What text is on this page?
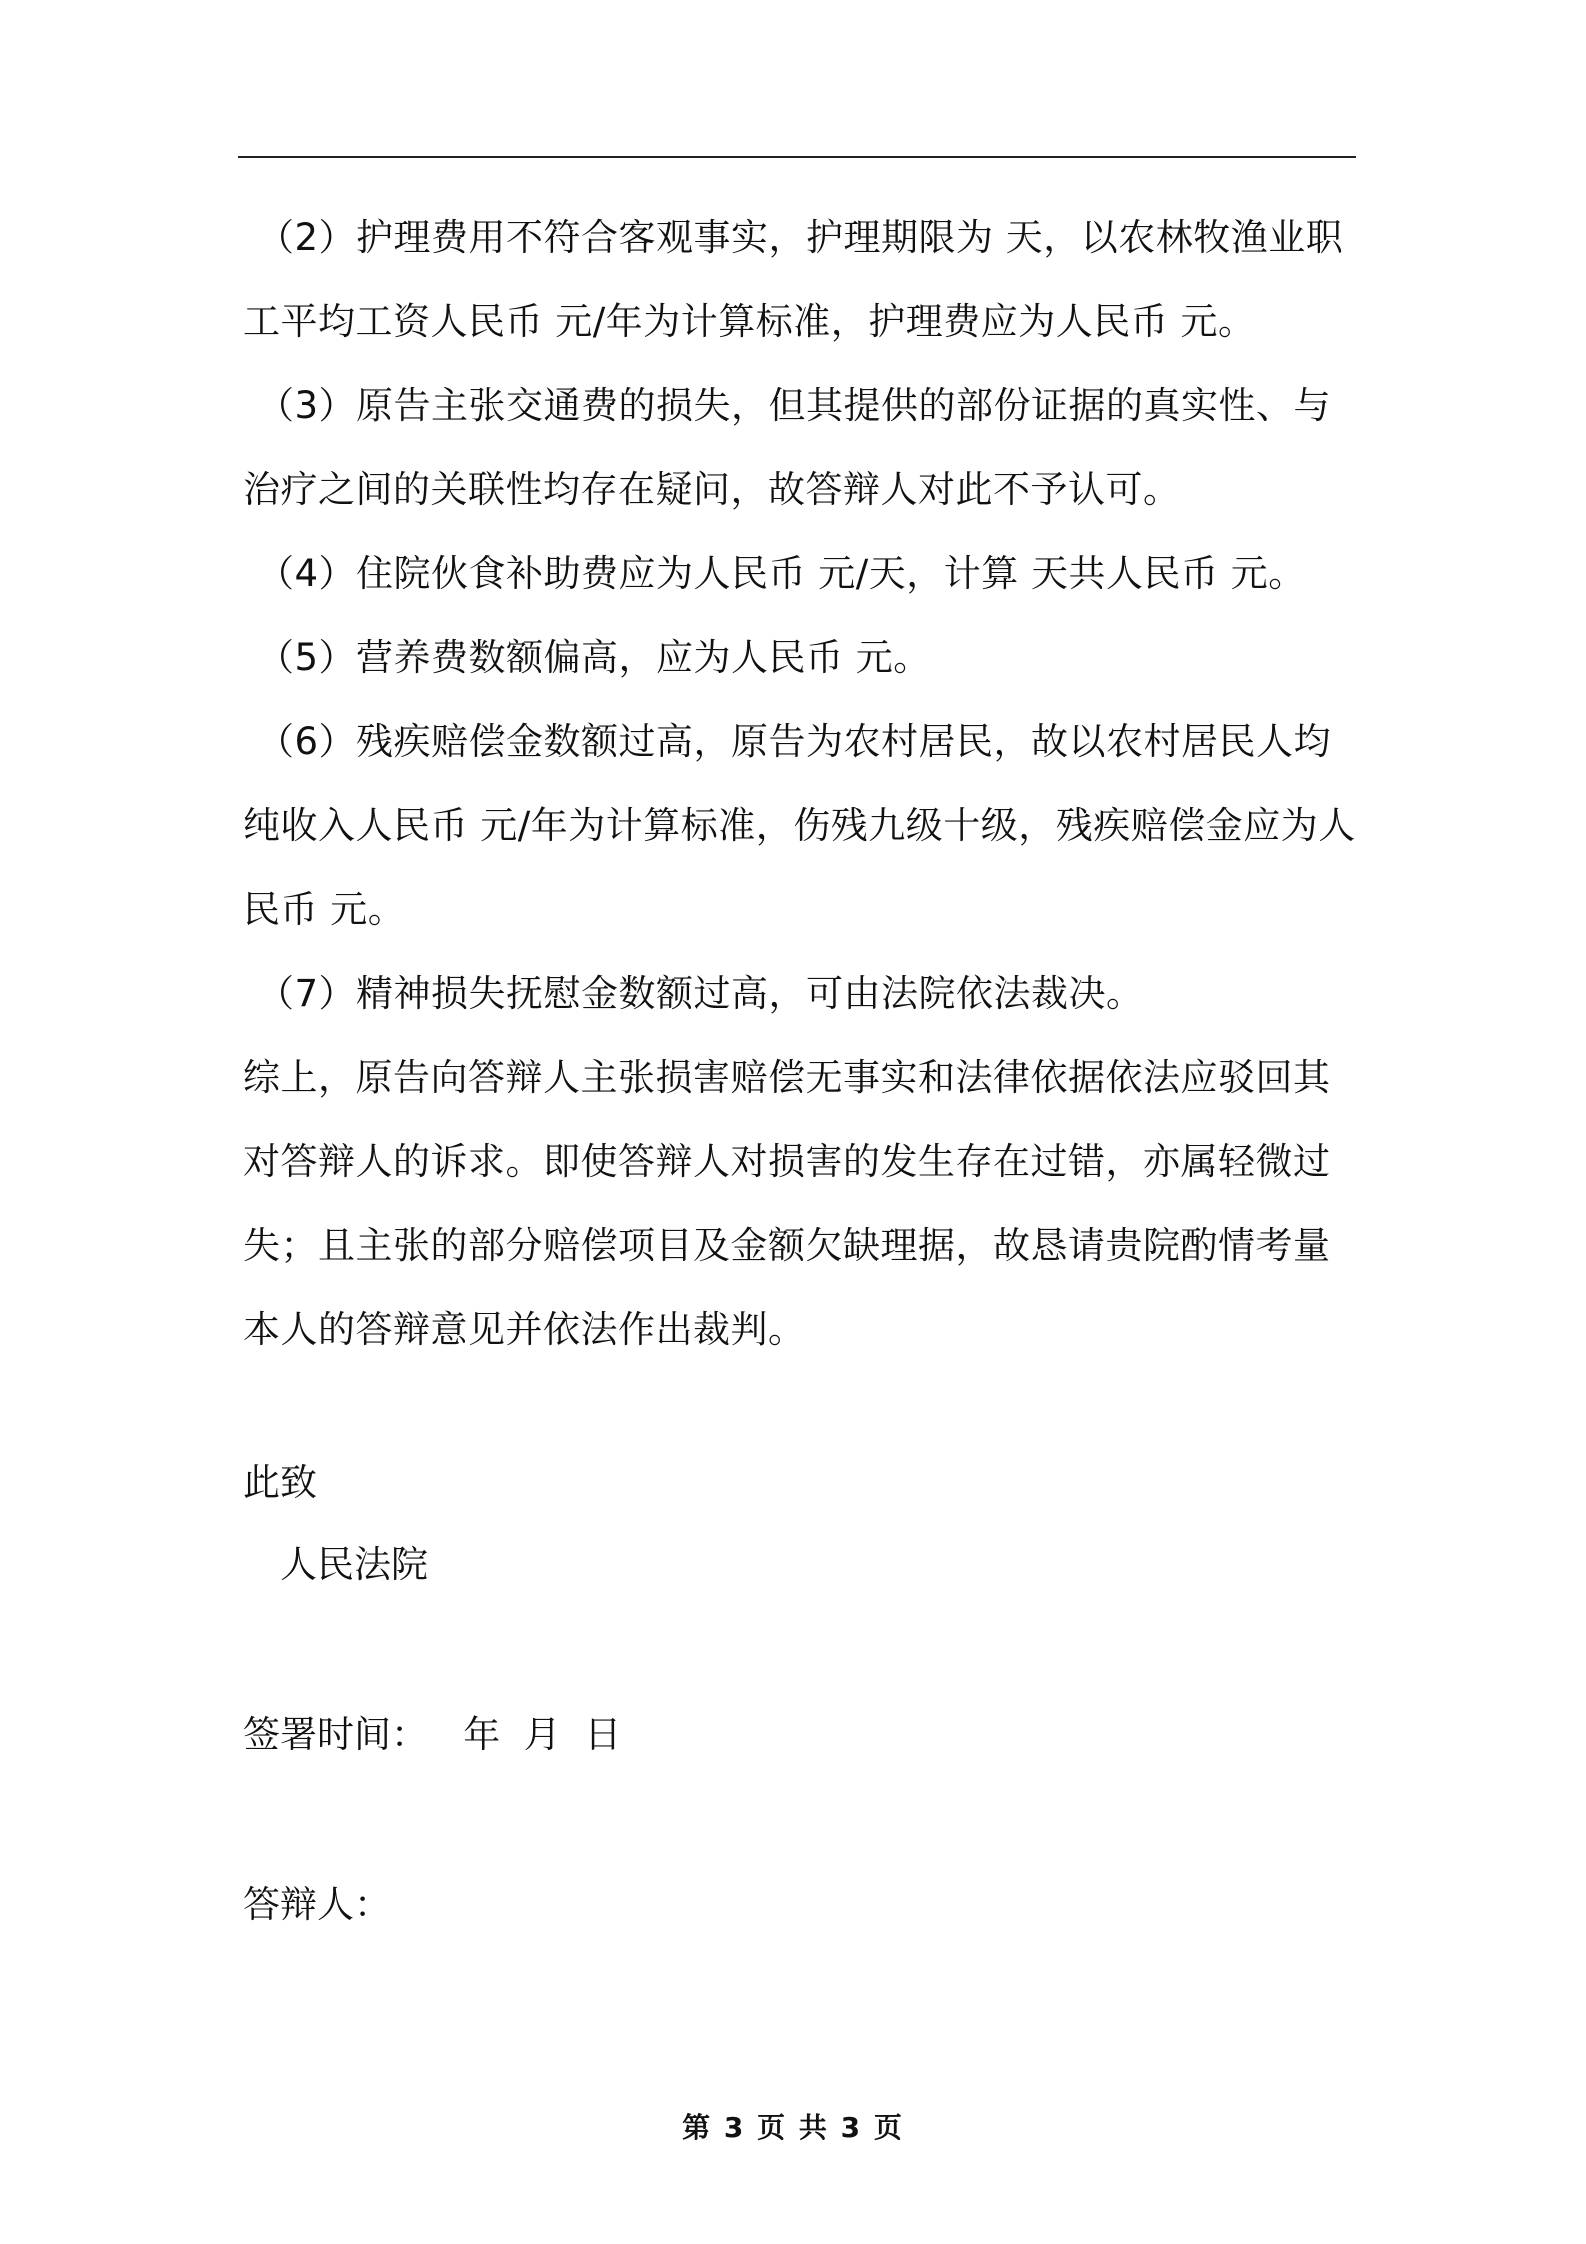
（2）护理费用不符合客观事实，护理期限为 天，以农林牧渔业职工平均工资人民币 元/年为计算标准，护理费应为人民币 元。

（3）原告主张交通费的损失，但其提供的部份证据的真实性、与治疗之间的关联性均存在疑问，故答辩人对此不予认可。

（4）住院伙食补助费应为人民币 元/天，计算 天共人民币 元。

（5）营养费数额偏高，应为人民币 元。

（6）残疾赔偿金数额过高，原告为农村居民，故以农村居民人均纯收入人民币 元/年为计算标准，伤残九级十级，残疾赔偿金应为人民币 元。

（7）精神损失抚慰金数额过高，可由法院依法裁决。

综上，原告向答辩人主张损害赔偿无事实和法律依据依法应驳回其对答辩人的诉求。即使答辩人对损害的发生存在过错，亦属轻微过失；且主张的部分赔偿项目及金额欠缺理据，故恳请贵院酌情考量本人的答辩意见并依法作出裁判。

此致

人民法院

签署时间：   年  月  日

答辩人：

第 3 页 共 3 页
